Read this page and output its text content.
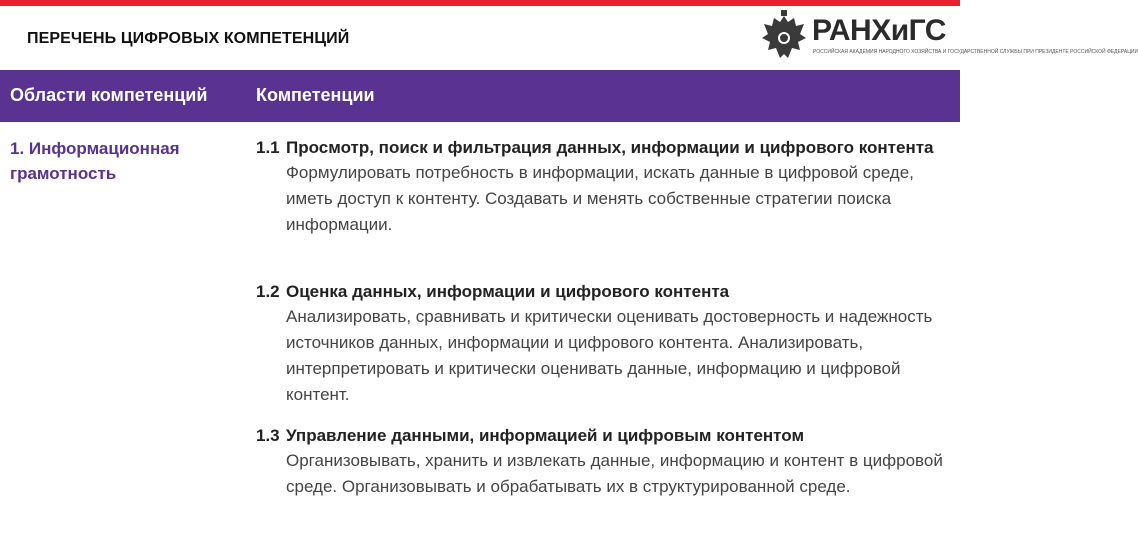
ПЕРЕЧЕНЬ ЦИФРОВЫХ КОМПЕТЕНЦИЙ	РАНХиГС
РОССИЙСКАЯ АКАДЕМИЯ НАРОДНОГО ХОЗЯЙСТВА И ГОСУДАРСТВЕННОЙ СЛУЖБЫ ПРИ ПРЕЗИДЕНТЕ РОССИЙСКОЙ ФЕДЕРАЦИИ
Области компетенций	Компетенции
1. Информационная грамотность
1.1 Просмотр, поиск и фильтрация данных, информации и цифрового контента
Формулировать потребность в информации, искать данные в цифровой среде, иметь доступ к контенту. Создавать и менять собственные стратегии поиска информации.
1.2 Оценка данных, информации и цифрового контента
Анализировать, сравнивать и критически оценивать достоверность и надежность источников данных, информации и цифрового контента. Анализировать, интерпретировать и критически оценивать данные, информацию и цифровой контент.
1.3 Управление данными, информацией и цифровым контентом
Организовывать, хранить и извлекать данные, информацию и контент в цифровой среде. Организовывать и обрабатывать их в структурированной среде.
